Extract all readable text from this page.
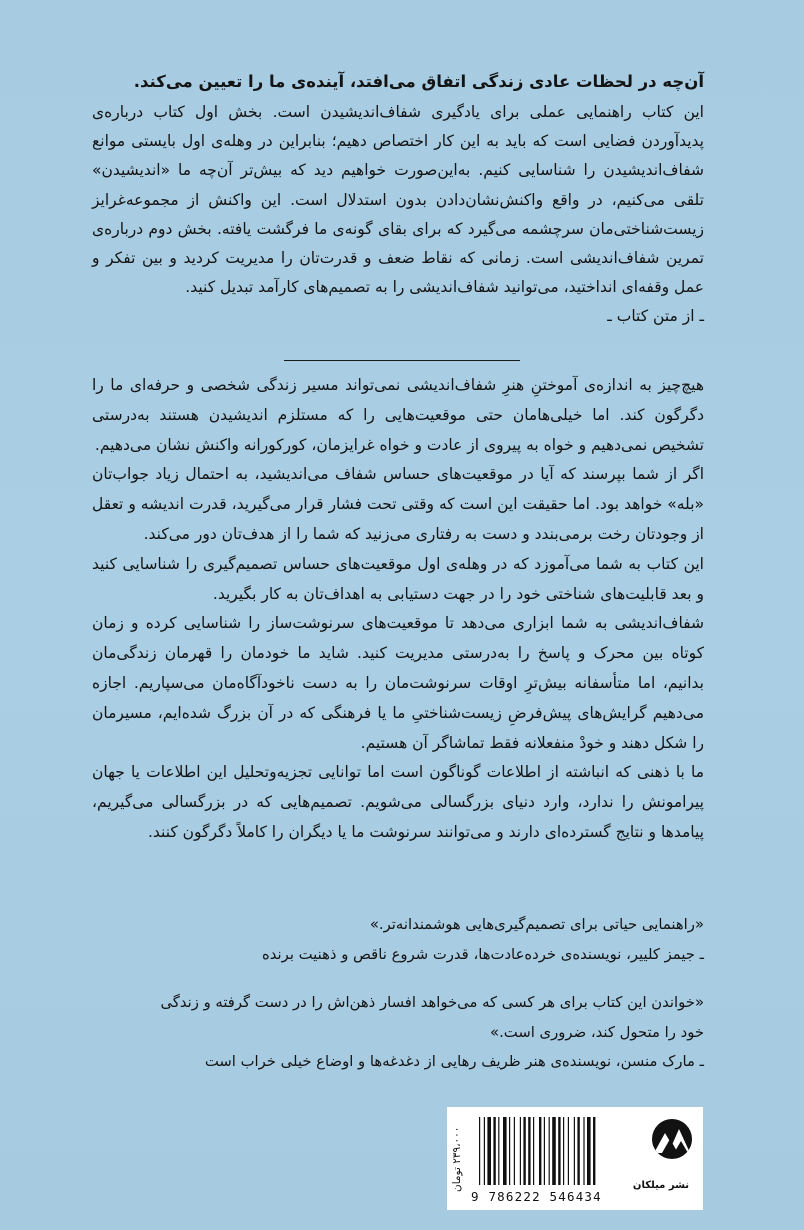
آن‌چه در لحظات عادی زندگی اتفاق می‌افتد، آینده‌ی ما را تعیین می‌کند.

این کتاب راهنمایی عملی برای یادگیری شفاف‌اندیشیدن است. بخش اول کتاب درباره‌ی پدیدآوردن فضایی است که باید به این کار اختصاص دهیم؛ بنابراین در وهله‌ی اول بایستی موانع شفاف‌اندیشیدن را شناسایی کنیم. به‌این‌صورت خواهیم دید که بیش‌تر آن‌چه ما «اندیشیدن» تلقی می‌کنیم، در واقع واکنش‌نشان‌دادن بدون استدلال است. این واکنش از مجموعه‌غرایز زیست‌شناختی‌مان سرچشمه می‌گیرد که برای بقای گونه‌ی ما فرگشت یافته. بخش دوم درباره‌ی تمرین شفاف‌اندیشی است. زمانی که نقاط ضعف و قدرت‌تان را مدیریت کردید و بین تفکر و عمل وقفه‌ای انداختید، می‌توانید شفاف‌اندیشی را به تصمیم‌های کارآمد تبدیل کنید.

ـ از متن کتاب ـ

هیچ‌چیز به اندازه‌ی آموختنِ هنرِ شفاف‌اندیشی نمی‌تواند مسیر زندگی شخصی و حرفه‌ای ما را دگرگون کند. اما خیلی‌ها‌مان حتی موقعیت‌هایی را که مستلزم اندیشیدن هستند به‌درستی تشخیص نمی‌دهیم و خواه به پیروی از عادت و خواه غرایزمان، کورکورانه واکنش نشان می‌دهیم.

اگر از شما بپرسند که آیا در موقعیت‌های حساس شفاف می‌اندیشید، به احتمال زیاد جواب‌تان «بله» خواهد بود. اما حقیقت این است که وقتی تحت فشار قرار می‌گیرید، قدرت اندیشه و تعقل از وجودتان رخت برمی‌بندد و دست به رفتاری می‌زنید که شما را از هدف‌تان دور می‌کند.

این کتاب به شما می‌آموزد که در وهله‌ی اول موقعیت‌های حساس تصمیم‌گیری را شناسایی کنید و بعد قابلیت‌های شناختی خود را در جهت دستیابی به اهداف‌تان به کار بگیرید.

شفاف‌اندیشی به شما ابزاری می‌دهد تا موقعیت‌های سرنوشت‌ساز را شناسایی کرده و زمان کوتاه بین محرک و پاسخ را به‌درستی مدیریت کنید. شاید ما خودمان را قهرمان زندگی‌مان بدانیم، اما متأسفانه بیش‌ترِ اوقات سرنوشت‌مان را به دست ناخودآگاه‌مان می‌سپاریم. اجازه می‌دهیم گرایش‌های پیش‌فرضِ زیست‌شناختیِ ما یا فرهنگی که در آن بزرگ شده‌ایم، مسیرمان را شکل دهند و خودْ منفعلانه فقط تماشاگر آن هستیم.

ما با ذهنی که انباشته از اطلاعات گوناگون است اما توانایی تجزیه‌وتحلیل این اطلاعات یا جهان پیرامونش را ندارد، وارد دنیای بزرگسالی می‌شویم. تصمیم‌هایی که در بزرگسالی می‌گیریم، پیامدها و نتایج گسترده‌ای دارند و می‌توانند سرنوشت ما یا دیگران را کاملاً دگرگون کنند.

«راهنمایی حیاتی برای تصمیم‌گیری‌هایی هوشمندانه‌تر.»

ـ جیمز کلییر، نویسنده‌ی خرده‌عادت‌ها، قدرت شروع ناقص و ذهنیت برنده

«خواندن این کتاب برای هر کسی که می‌خواهد افسار ذهن‌اش را در دست گرفته و زندگی خود را متحول کند، ضروری است.»

ـ مارک منسن، نویسنده‌ی هنر ظریف رهایی از دغدغه‌ها و اوضاع خیلی خراب است

۲۳۹،۰۰۰ تومان
9 786222 546434
نشر میلکان
